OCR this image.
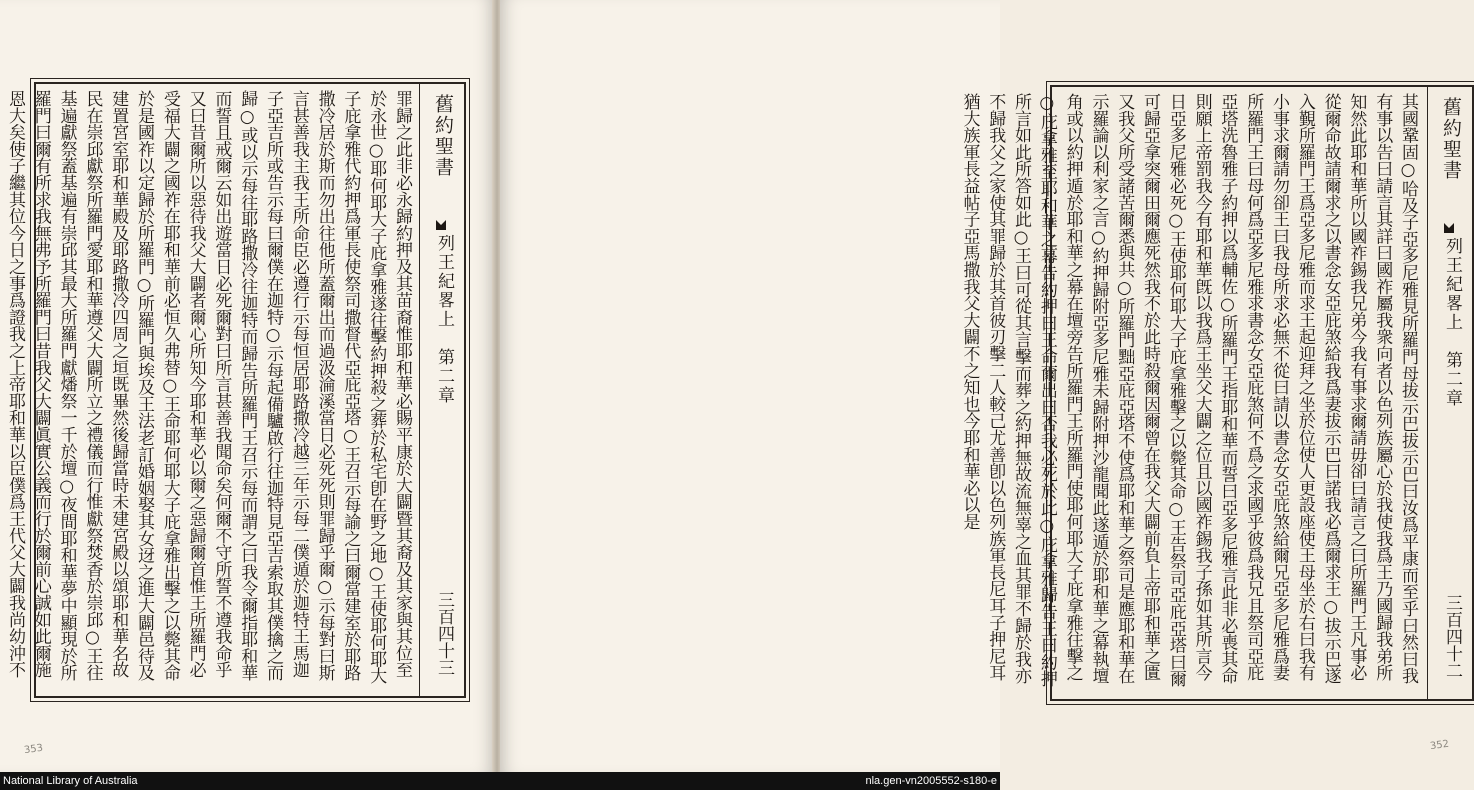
罪歸之此非必永歸約押及其苗裔惟耶和華必賜平康於大闢暨其裔及其家與其位至於永世○耶何耶大子庇拿雅遂往擊約押殺之葬於私宅卽在野之地○王使耶何耶大子庇拿雅代約押爲軍長使祭司撒督代亞庇亞塔○王召示每諭之曰爾當建室於耶路撒冷居於斯而勿出往他所蓋爾出而過汲淪溪當日必死死則罪歸乎爾○示每對曰斯言甚善我主我王所命臣必遵行示每恒居耶路撒冷越三年示每二僕遁於迦特王馬迦子亞吉所或告示每曰爾僕在迦特○示每起備驢啟行往迦特見亞吉索取其僕擒之而歸○或以示每往耶路撒冷往迦特而歸告所羅門王召示每而謂之曰我令爾指耶和華而誓且戒爾云如出遊當日必死爾對曰所言甚善我聞命矣何爾不守所誓不遵我命乎又曰昔爾所以惡待我父大闢者爾心所知今耶和華必以爾之惡歸爾首惟王所羅門必受福大闢之國祚在耶和華前必恒久弗替○王命耶何耶大子庇拿雅出擊之以斃其命於是國祚以定歸於所羅門○所羅門與埃及王法老訂婚姻娶其女迓之進大闢邑待及建置宮室耶和華殿及耶路撒冷四周之垣既畢然後歸當時未建宮殿以頌耶和華名故民在崇邱獻祭所羅門愛耶和華遵父大闢所立之禮儀而行惟獻祭焚香於崇邱○王往基遍獻祭蓋基遍有崇邱其最大所羅門獻燔祭一千於壇○夜間耶和華夢中顯現於所羅門曰爾有所求我無弗予所羅門曰昔我父大闢眞實公義而行於爾前心誠如此爾施恩大矣使子繼其位今日之事爲證我之上帝耶和華以臣僕爲王代父大闢我尚幼沖不
舊約聖書
列王紀畧上　第二章
三百四十三
353
其國鞏固○哈及子亞多尼雅見所羅門母拔示巴拔示巴曰汝爲平康而至乎曰然曰我有事以告曰請言其詳曰國祚屬我衆向者以色列族屬心於我使我爲王乃國歸我弟所知然此耶和華所以國祚錫我兄弟今我有事求爾請毋卻曰請言之曰所羅門王凡事必從爾命故請爾求之以書念女亞庇煞給我爲妻拔示巴曰諾我必爲爾求王○拔示巴遂入覲所羅門王爲亞多尼雅而求王起迎拜之坐於位使人更設座使王母坐於右曰我有小事求爾請勿卻王曰我母所求必無不從曰請以書念女亞庇煞給爾兄亞多尼雅爲妻所羅門王曰母何爲亞多尼雅求書念女亞庇煞何不爲之求國乎彼爲我兄且祭司亞庇亞塔洗魯雅子約押以爲輔佐○所羅門王指耶和華而誓曰亞多尼雅言此非必喪其命則願上帝罰我今有耶和華旣以我爲王坐父大闢之位且以國祚錫我子孫如其所言今日亞多尼雅必死○王使耶何耶大子庇拿雅擊之以斃其命○王告祭司亞庇亞塔曰爾可歸亞拿突爾田爾應死然我不於此時殺爾因爾曾在我父大闢前負上帝耶和華之匱又我父所受諸苦爾悉與共○所羅門黜亞庇亞塔不使爲耶和華之祭司是應耶和華在示羅論以利家之言○約押歸附亞多尼雅未歸附押沙龍聞此遂遁於耶和華之幕執壇角或以約押遁於耶和華之幕在壇旁告所羅門王所羅門使耶何耶大子庇拿雅往擊之○庇拿雅至耶和華之幕告約押曰王命爾出曰否我必死於此○庇拿雅歸告王曰約押所言如此所答如此○王曰可從其言擊而葬之約押無故流無辜之血其罪不歸於我亦不歸我父之家使其罪歸於其首彼刃擊二人較己尤善卽以色列族軍長尼耳子押尼耳猶大族軍長益帖子亞馬撒我父大闢不之知也今耶和華必以是	舊約聖書
列王紀畧上　第二章
三百四十二
352
National Library of Australia	nla.gen-vn2005552-s180-e
